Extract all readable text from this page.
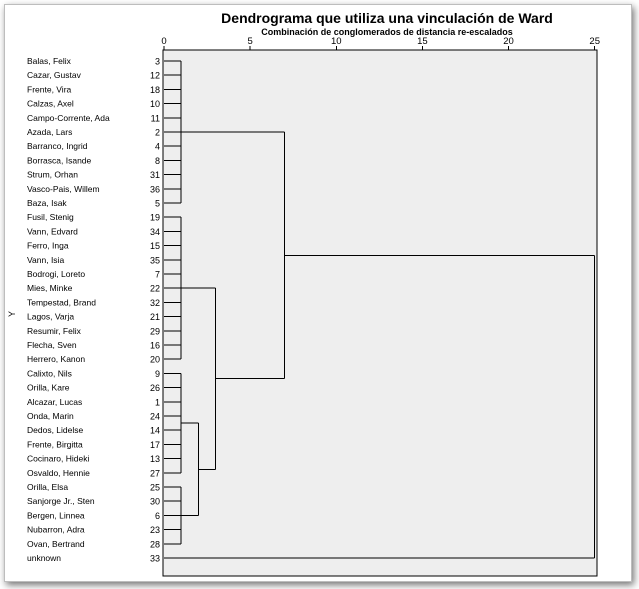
Dendrograma que utiliza una vinculación de Ward
Combinación de conglomerados de distancia re-escalados
Y
0	5	10	15	20	25
Balas, Felix	3
Cazar, Gustav	12
Frente, Vira	18
Calzas, Axel	10
Campo-Corrente, Ada	11
Azada, Lars	2
Barranco, Ingrid	4
Borrasca, Isande	8
Strum, Orhan	31
Vasco-Pais, Willem	36
Baza, Isak	5
Fusil, Stenig	19
Vann, Edvard	34
Ferro, Inga	15
Vann, Isia	35
Bodrogi, Loreto	7
Mies, Minke	22
Tempestad, Brand	32
Lagos, Varja	21
Resumir, Felix	29
Flecha, Sven	16
Herrero, Kanon	20
Calixto, Nils	9
Orilla, Kare	26
Alcazar, Lucas	1
Onda, Marin	24
Dedos, Lidelse	14
Frente, Birgitta	17
Cocinaro, Hideki	13
Osvaldo, Hennie	27
Orilla, Elsa	25
Sanjorge Jr., Sten	30
Bergen, Linnea	6
Nubarron, Adra	23
Ovan, Bertrand	28
unknown	33
